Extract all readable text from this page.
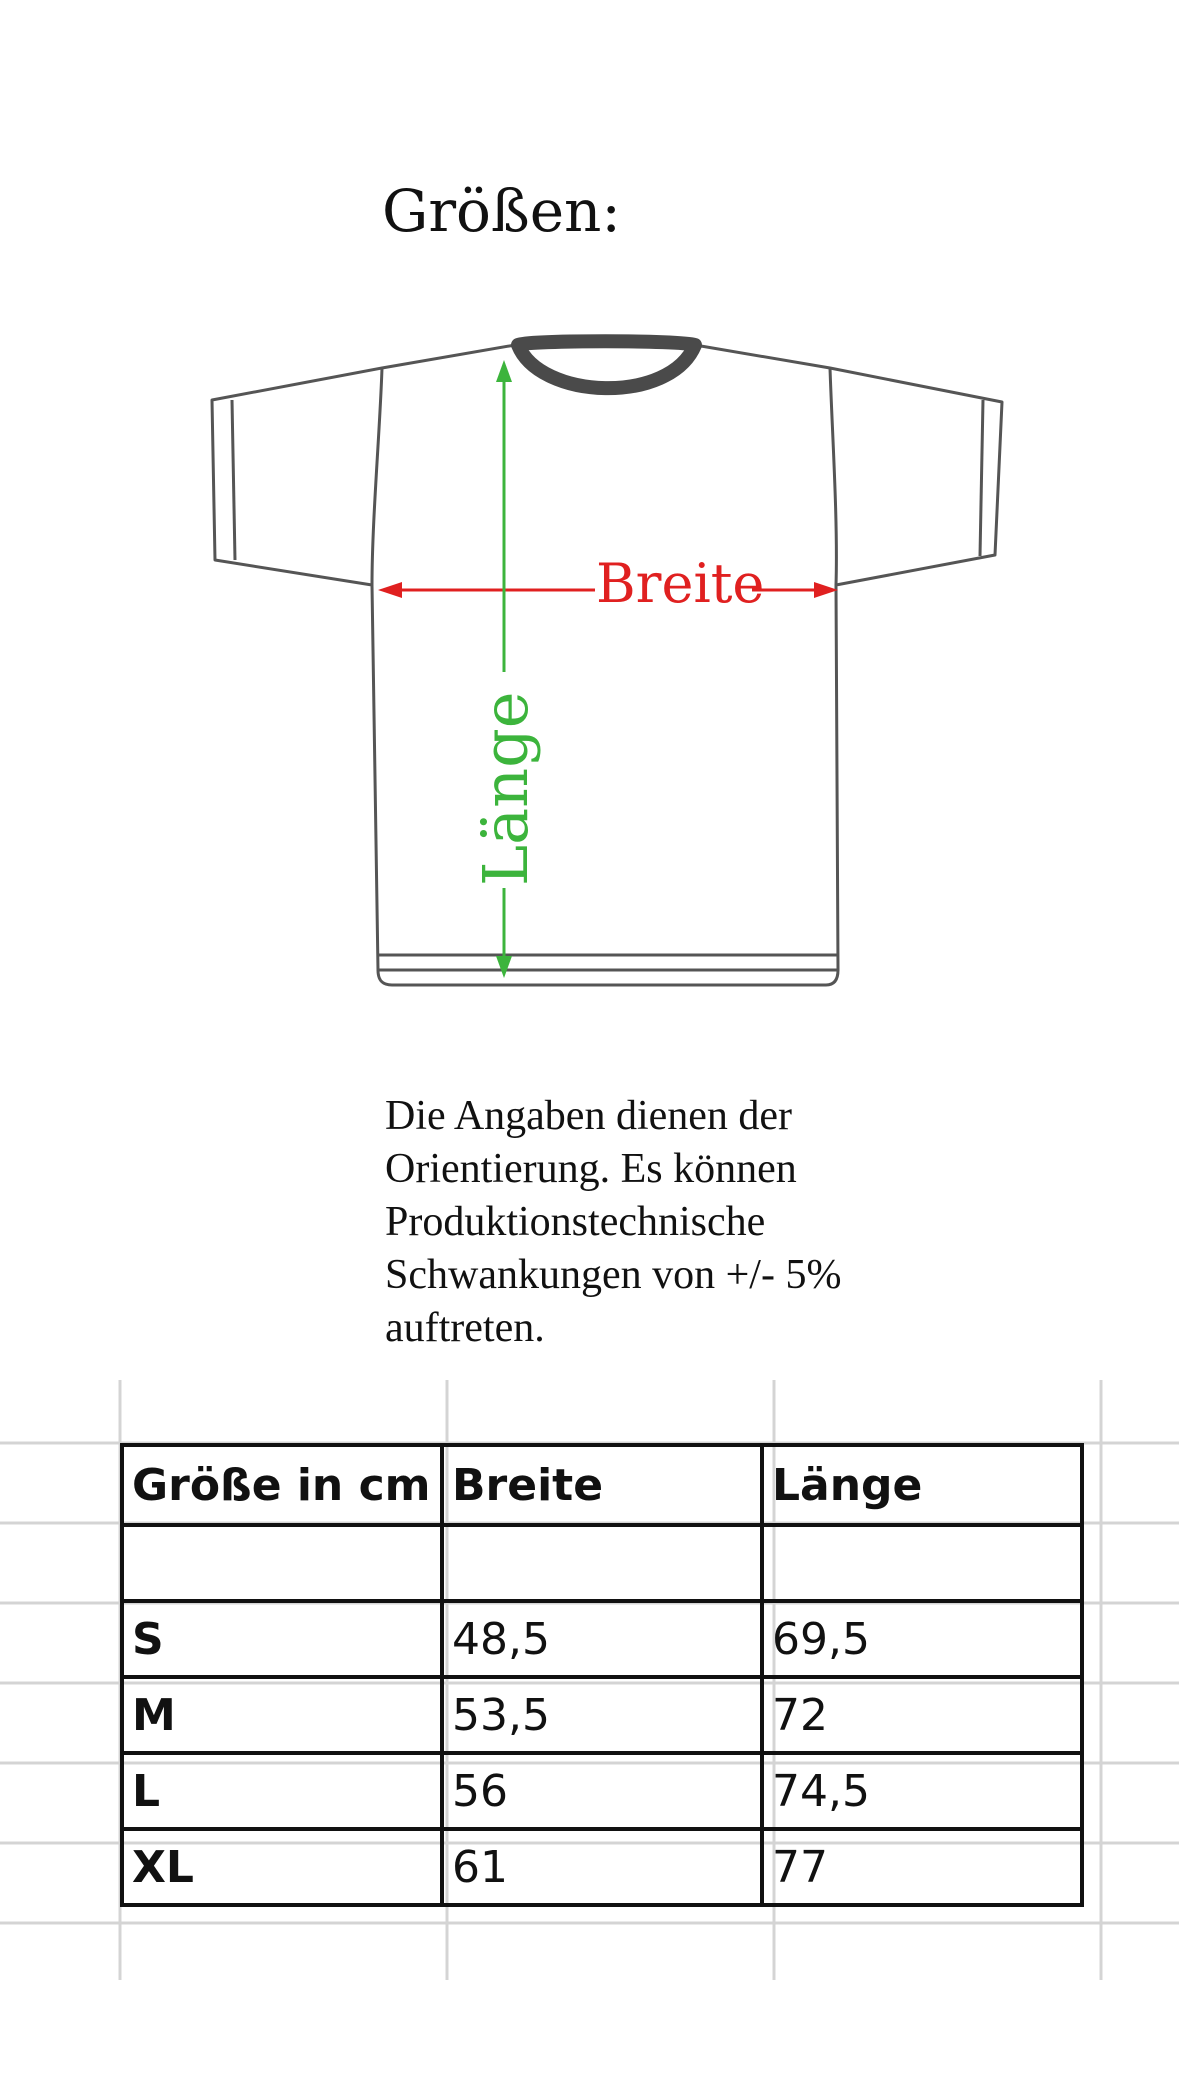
Größen:
Breite
Länge
Die Angaben dienen der Orientierung. Es können Produktionstechnische Schwankungen von +/- 5% auftreten.
Größe in cm	Breite	Länge

S	48,5	69,5
M	53,5	72
L	56	74,5
XL	61	77
